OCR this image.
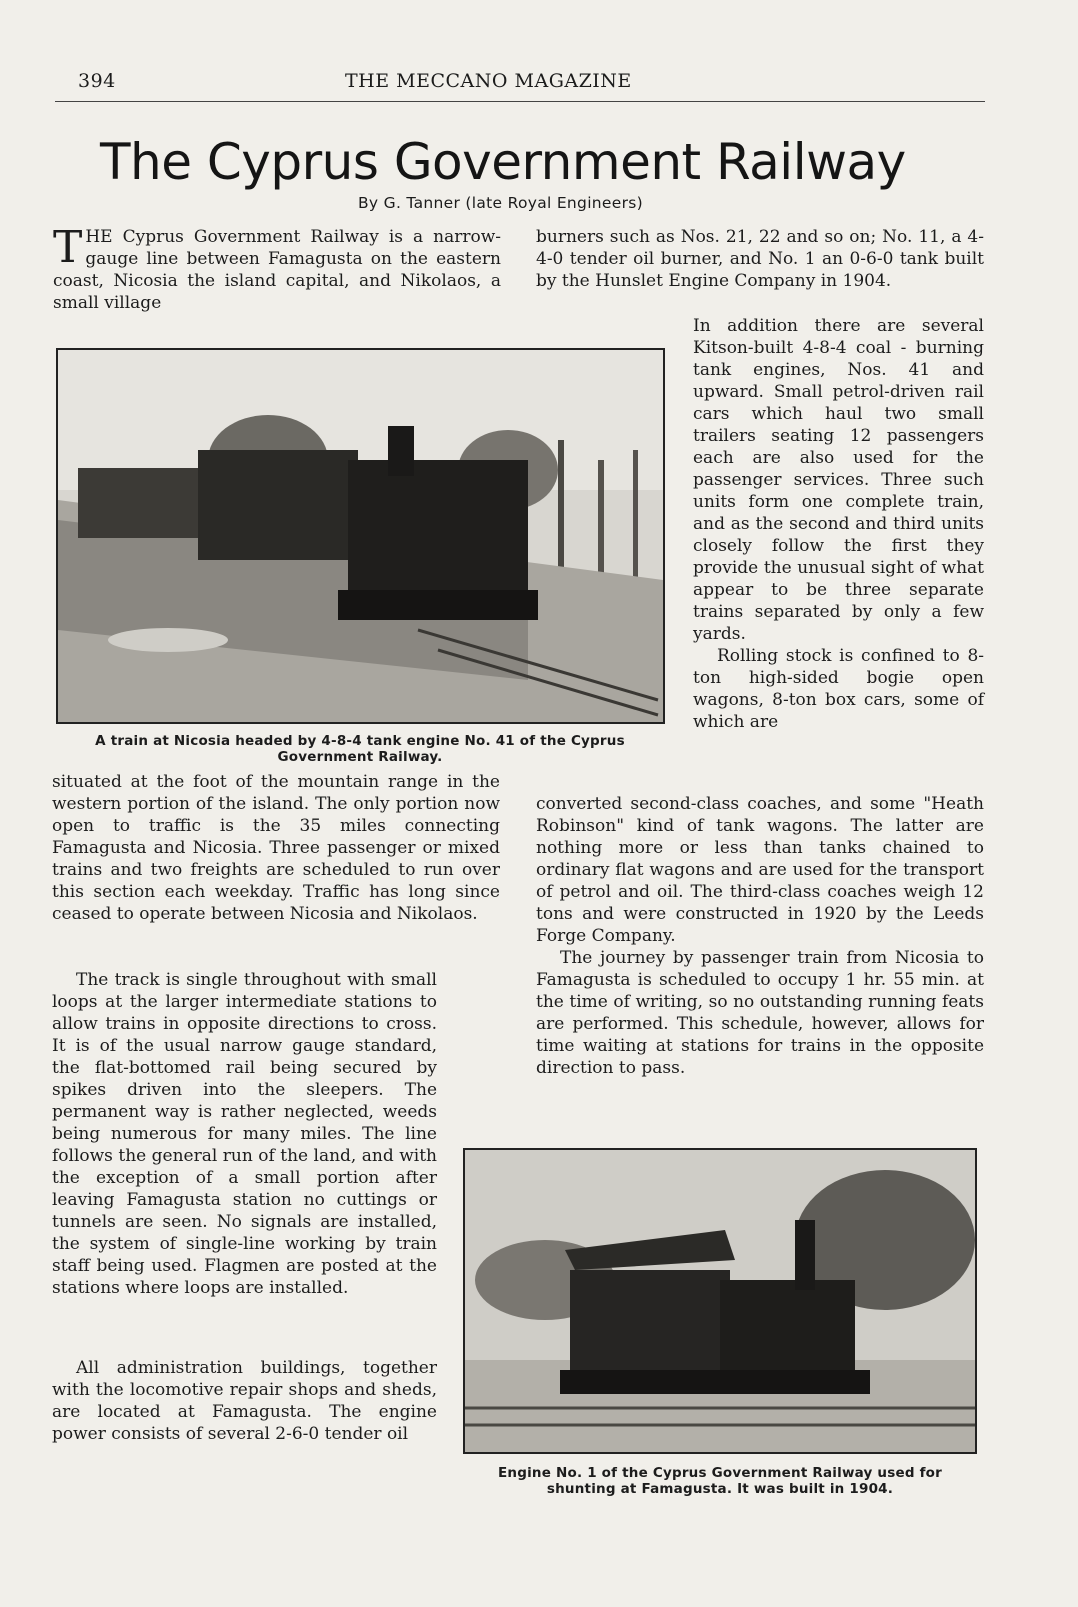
394	THE MECCANO MAGAZINE
The Cyprus Government Railway
By G. Tanner (late Royal Engineers)
T HE Cyprus Government Railway is a narrow-gauge line between Famagusta on the eastern coast, Nicosia the island capital, and Nikolaos, a small village

A train at Nicosia headed by 4-8-4 tank engine No. 41 of the Cyprus Government Railway.

situated at the foot of the mountain range in the western portion of the island. The only portion now open to traffic is the 35 miles connecting Famagusta and Nicosia. Three passenger or mixed trains and two freights are scheduled to run over this section each weekday. Traffic has long since ceased to operate between Nicosia and Nikolaos.

The track is single throughout with small loops at the larger intermediate stations to allow trains in opposite directions to cross. It is of the usual narrow gauge standard, the flat-bottomed rail being secured by spikes driven into the sleepers. The permanent way is rather neglected, weeds being numerous for many miles. The line follows the general run of the land, and with the exception of a small portion after leaving Famagusta station no cuttings or tunnels are seen. No signals are installed, the system of single-line working by train staff being used. Flagmen are posted at the stations where loops are installed.

All administration buildings, together with the locomotive repair shops and sheds, are located at Famagusta. The engine power consists of several 2-6-0 tender oil

burners such as Nos. 21, 22 and so on; No. 11, a 4-4-0 tender oil burner, and No. 1 an 0-6-0 tank built by the Hunslet Engine Company in 1904.

In addition there are several Kitson-built 4-8-4 coal - burning tank engines, Nos. 41 and upward. Small petrol-driven rail cars which haul two small trailers seating 12 passengers each are also used for the passenger services. Three such units form one complete train, and as the second and third units closely follow the first they provide the unusual sight of what appear to be three separate trains separated by only a few yards.

Rolling stock is confined to 8-ton high-sided bogie open wagons, 8-ton box cars, some of which are

converted second-class coaches, and some "Heath Robinson" kind of tank wagons. The latter are nothing more or less than tanks chained to ordinary flat wagons and are used for the transport of petrol and oil. The third-class coaches weigh 12 tons and were constructed in 1920 by the Leeds Forge Company.

The journey by passenger train from Nicosia to Famagusta is scheduled to occupy 1 hr. 55 min. at the time of writing, so no outstanding running feats are performed. This schedule, however, allows for time waiting at stations for trains in the opposite direction to pass.

Engine No. 1 of the Cyprus Government Railway used for shunting at Famagusta. It was built in 1904.
